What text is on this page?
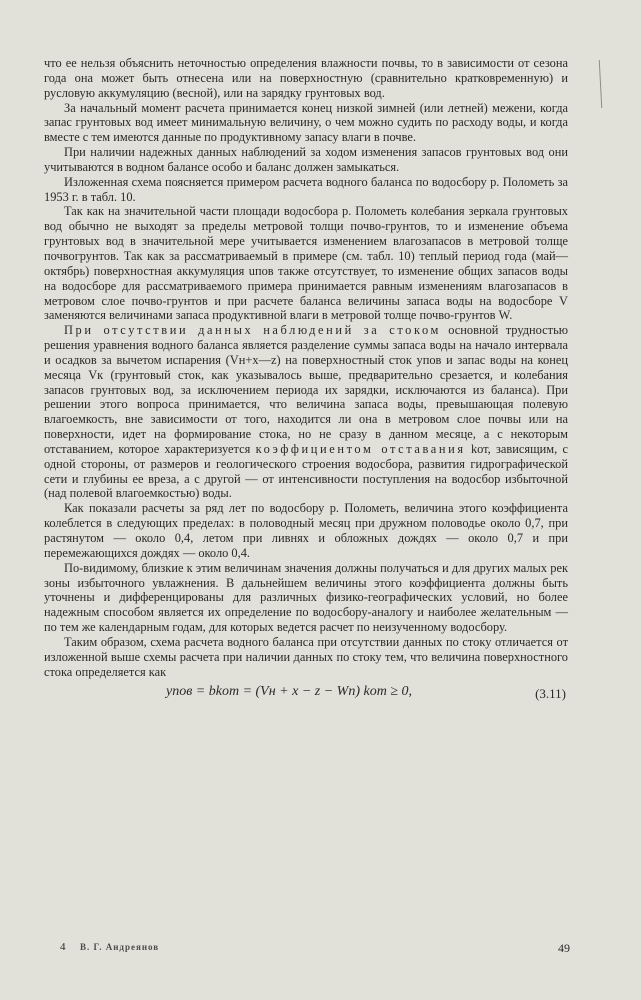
что ее нельзя объяснить неточностью определения влажности почвы, то в зависимости от сезона года она может быть отнесена или на поверхностную (сравнительно кратковременную) и русловую аккумуляцию (весной), или на зарядку грунтовых вод.

За начальный момент расчета принимается конец низкой зимней (или летней) межени, когда запас грунтовых вод имеет минимальную величину, о чем можно судить по расходу воды, и когда вместе с тем имеются данные по продуктивному запасу влаги в почве.

При наличии надежных данных наблюдений за ходом изменения запасов грунтовых вод они учитываются в водном балансе особо и баланс должен замыкаться.

Изложенная схема поясняется примером расчета водного баланса по водосбору р. Полометь за 1953 г. в табл. 10.

Так как на значительной части площади водосбора р. Полометь колебания зеркала грунтовых вод обычно не выходят за пределы метровой толщи почво-грунтов, то и изменение объема грунтовых вод в значительной мере учитывается изменением влагозапасов в метровой толще почвогрунтов. Так как за рассматриваемый в примере (см. табл. 10) теплый период года (май—октябрь) поверхностная аккумуляция uпов также отсутствует, то изменение общих запасов воды на водосборе для рассматриваемого примера принимается равным изменениям влагозапасов в метровом слое почво-грунтов и при расчете баланса величины запаса воды на водосборе V заменяются величинами запаса продуктивной влаги в метровой толще почво-грунтов W.

При отсутствии данных наблюдений за стоком основной трудностью решения уравнения водного баланса является разделение суммы запаса воды на начало интервала и осадков за вычетом испарения (Vн+x—z) на поверхностный сток yпов и запас воды на конец месяца Vк (грунтовый сток, как указывалось выше, предварительно срезается, и колебания запасов грунтовых вод, за исключением периода их зарядки, исключаются из баланса). При решении этого вопроса принимается, что величина запаса воды, превышающая полевую влагоемкость, вне зависимости от того, находится ли она в метровом слое почвы или на поверхности, идет на формирование стока, но не сразу в данном месяце, а с некоторым отставанием, которое характеризуется коэффициентом отставания kот, зависящим, с одной стороны, от размеров и геологического строения водосбора, развития гидрографической сети и глубины ее вреза, а с другой — от интенсивности поступления на водосбор избыточной (над полевой влагоемкостью) воды.

Как показали расчеты за ряд лет по водосбору р. Полометь, величина этого коэффициента колеблется в следующих пределах: в половодный месяц при дружном половодье около 0,7, при растянутом — около 0,4, летом при ливнях и обложных дождях — около 0,7 и при перемежающихся дождях — около 0,4.

По-видимому, близкие к этим величинам значения должны получаться и для других малых рек зоны избыточного увлажнения. В дальнейшем величины этого коэффициента должны быть уточнены и дифференцированы для различных физико-географических условий, но более надежным способом является их определение по водосбору-аналогу и наиболее желательным — по тем же календарным годам, для которых ведется расчет по неизученному водосбору.

Таким образом, схема расчета водного баланса при отсутствии данных по стоку отличается от изложенной выше схемы расчета при наличии данных по стоку тем, что величина поверхностного стока определяется как

yпов = bkот = (Vн + x − z − Wп) kот ≥ 0,	(3.11)
4 В. Г. Андреянов	49
